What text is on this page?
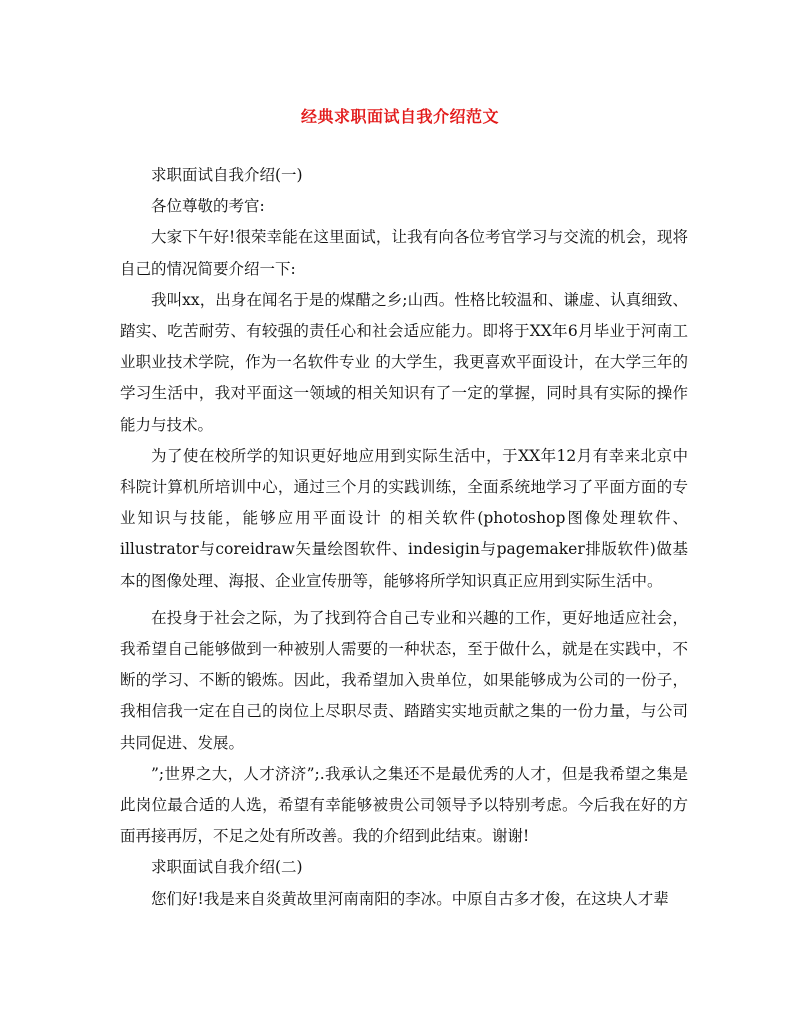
经典求职面试自我介绍范文

求职面试自我介绍(一)

各位尊敬的考官:

大家下午好!很荣幸能在这里面试，让我有向各位考官学习与交流的机会，现将自己的情况简要介绍一下:

我叫xx，出身在闻名于是的煤醋之乡;山西。性格比较温和、谦虚、认真细致、踏实、吃苦耐劳、有较强的责任心和社会适应能力。即将于XX年6月毕业于河南工业职业技术学院，作为一名软件专业 的大学生，我更喜欢平面设计，在大学三年的学习生活中，我对平面这一领域的相关知识有了一定的掌握，同时具有实际的操作能力与技术。

为了使在校所学的知识更好地应用到实际生活中，于XX年12月有幸来北京中科院计算机所培训中心，通过三个月的实践训练，全面系统地学习了平面方面的专业知识与技能，能够应用平面设计 的相关软件(photoshop图像处理软件、illustrator与coreidraw矢量绘图软件、indesigin与pagemaker排版软件)做基本的图像处理、海报、企业宣传册等，能够将所学知识真正应用到实际生活中。

在投身于社会之际，为了找到符合自己专业和兴趣的工作，更好地适应社会，我希望自己能够做到一种被别人需要的一种状态，至于做什么，就是在实践中，不断的学习、不断的锻炼。因此，我希望加入贵单位，如果能够成为公司的一份子，我相信我一定在自己的岗位上尽职尽责、踏踏实实地贡献之集的一份力量，与公司共同促进、发展。

”;世界之大，人才济济”;.我承认之集还不是最优秀的人才，但是我希望之集是此岗位最合适的人选，希望有幸能够被贵公司领导予以特别考虑。今后我在好的方面再接再厉，不足之处有所改善。我的介绍到此结束。谢谢!

求职面试自我介绍(二)

您们好!我是来自炎黄故里河南南阳的李冰。中原自古多才俊，在这块人才辈
